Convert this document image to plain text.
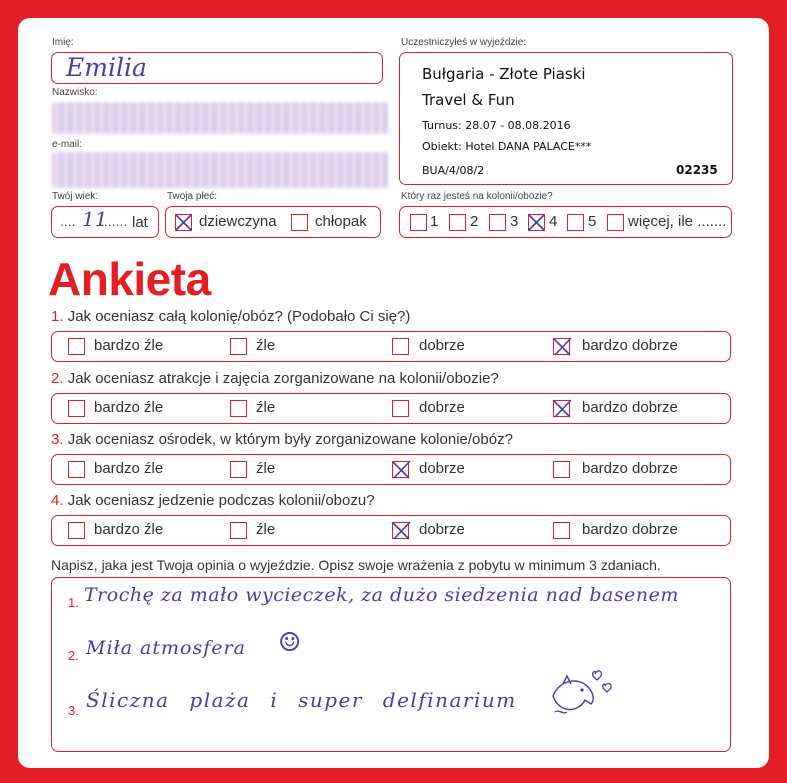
Imię:
Emilia
Nazwisko:
e-mail:
Uczestniczyłeś w wyjeździe:
Bułgaria - Złote Piaski
Travel & Fun
Turnus: 28.07 - 08.08.2016
Obiekt: Hotel DANA PALACE***
BUA/4/08/2	02235
Twój wiek:
.... 11
....... lat
Twoja płeć:
dziewczyna	chłopak
Który raz jesteś na kolonii/obozie?
1 2 3 4 5 więcej, ile .......
Ankieta
1. Jak oceniasz całą kolonię/obóz? (Podobało Ci się?)
bardzo źle	źle	dobrze	bardzo dobrze
2. Jak oceniasz atrakcje i zajęcia zorganizowane na kolonii/obozie?
bardzo źle	źle	dobrze	bardzo dobrze
3. Jak oceniasz ośrodek, w którym były zorganizowane kolonie/obóz?
bardzo źle	źle	dobrze	bardzo dobrze
4. Jak oceniasz jedzenie podczas kolonii/obozu?
bardzo źle	źle	dobrze	bardzo dobrze
Napisz, jaka jest Twoja opinia o wyjeździe. Opisz swoje wrażenia z pobytu w minimum 3 zdaniach.
1. Trochę za mało wycieczek, za dużo siedzenia nad basenem
2. Miła atmosfera ☺
3. Śliczna plaża i super delfinarium
